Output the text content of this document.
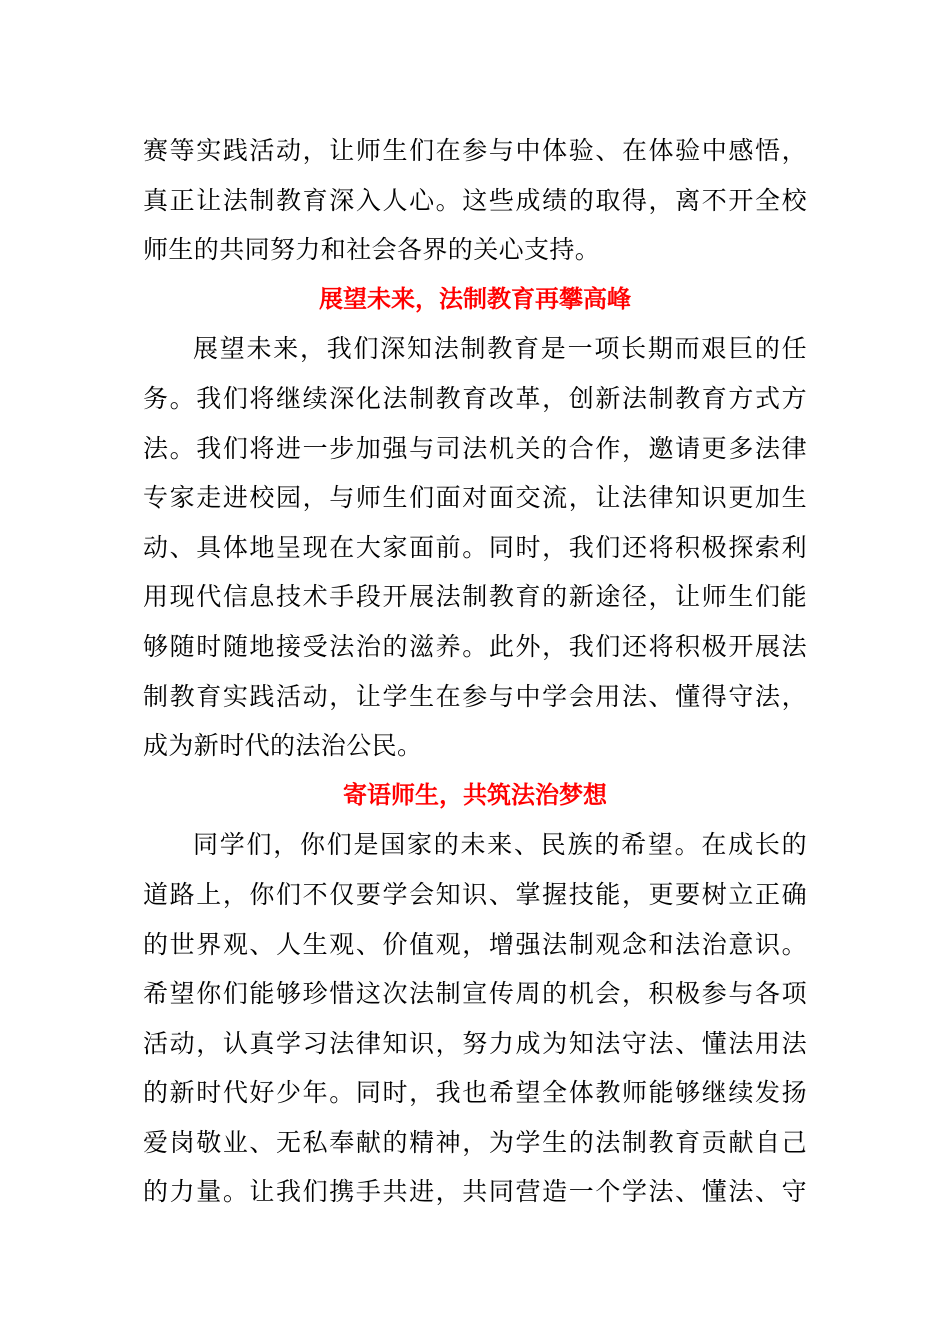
赛等实践活动，让师生们在参与中体验、在体验中感悟，
真正让法制教育深入人心。这些成绩的取得，离不开全校
师生的共同努力和社会各界的关心支持。
展望未来，法制教育再攀高峰
展望未来，我们深知法制教育是一项长期而艰巨的任
务。我们将继续深化法制教育改革，创新法制教育方式方
法。我们将进一步加强与司法机关的合作，邀请更多法律
专家走进校园，与师生们面对面交流，让法律知识更加生
动、具体地呈现在大家面前。同时，我们还将积极探索利
用现代信息技术手段开展法制教育的新途径，让师生们能
够随时随地接受法治的滋养。此外，我们还将积极开展法
制教育实践活动，让学生在参与中学会用法、懂得守法，
成为新时代的法治公民。
寄语师生，共筑法治梦想
同学们，你们是国家的未来、民族的希望。在成长的
道路上，你们不仅要学会知识、掌握技能，更要树立正确
的世界观、人生观、价值观，增强法制观念和法治意识。
希望你们能够珍惜这次法制宣传周的机会，积极参与各项
活动，认真学习法律知识，努力成为知法守法、懂法用法
的新时代好少年。同时，我也希望全体教师能够继续发扬
爱岗敬业、无私奉献的精神，为学生的法制教育贡献自己
的力量。让我们携手共进，共同营造一个学法、懂法、守
